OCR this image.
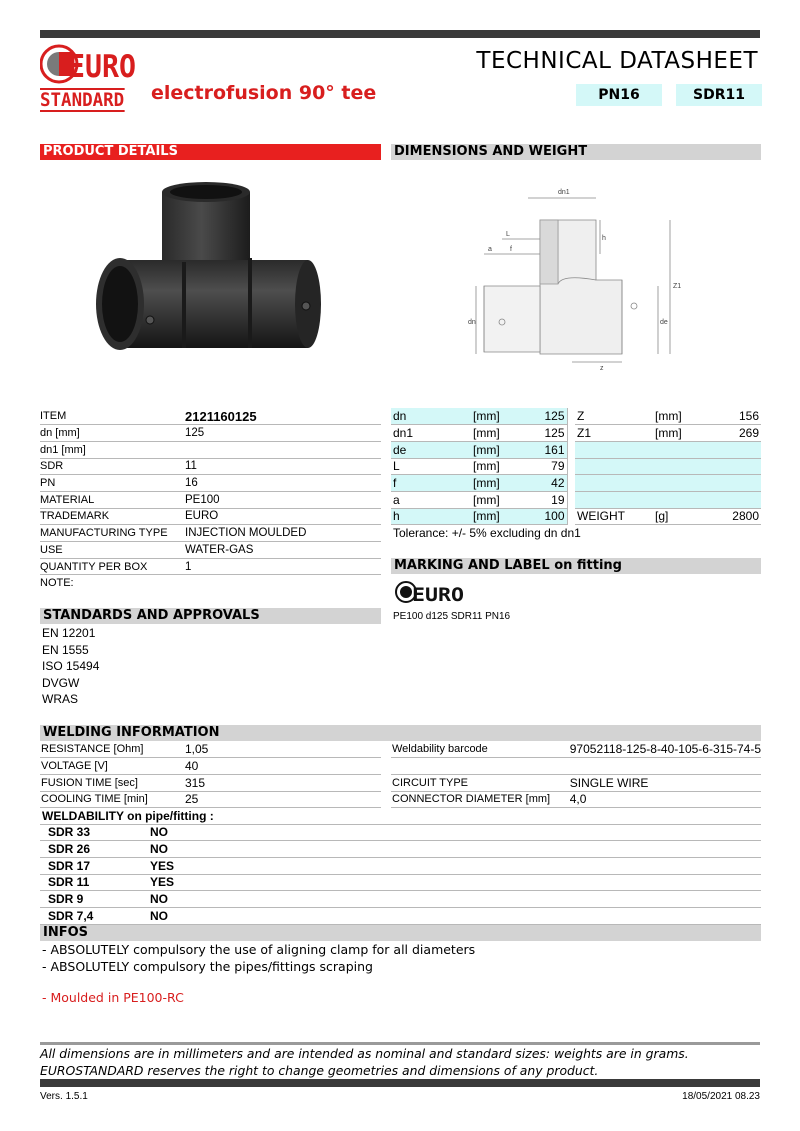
EURO
STANDARD electrofusion 90° tee
TECHNICAL DATASHEET
PN16	SDR11
PRODUCT DETAILS	DIMENSIONS AND WEIGHT
dn1
L
a	f
h
Z1
dn	de
z
ITEM	2121160125
dn [mm]	125
dn1 [mm]	
SDR	11
PN	16
MATERIAL	PE100
TRADEMARK	EURO
MANUFACTURING TYPE	INJECTION MOULDED
USE	WATER-GAS
QUANTITY PER BOX	1
NOTE:	
dn	[mm]	125		Z	[mm]	156
dn1	[mm]	125		Z1	[mm]	269
de	[mm]	161				
L	[mm]	79				
f	[mm]	42				
a	[mm]	19				
h	[mm]	100		WEIGHT	[g]	2800
Tolerance: +/- 5% excluding dn dn1
MARKING AND LABEL on fitting
EURO
PE100 d125 SDR11 PN16
STANDARDS AND APPROVALS
EN 12201
EN 1555
ISO 15494
DVGW
WRAS
WELDING INFORMATION
RESISTANCE [Ohm]	1,05
VOLTAGE [V]	40
FUSION TIME [sec]	315
COOLING TIME [min]	25
Weldability barcode	97052118-125-8-40-105-6-315-74-5

CIRCUIT TYPE	SINGLE WIRE
CONNECTOR DIAMETER [mm]	4,0
WELDABILITY on pipe/fitting :
SDR 33	NO
SDR 26	NO
SDR 17	YES
SDR 11	YES
SDR 9	NO
SDR 7,4	NO
INFOS
- ABSOLUTELY compulsory the use of aligning clamp for all diameters
- ABSOLUTELY compulsory the pipes/fittings scraping
- Moulded in PE100-RC
All dimensions are in millimeters and are intended as nominal and standard sizes: weights are in grams.
EUROSTANDARD reserves the right to change geometries and dimensions of any product.
Vers. 1.5.1	18/05/2021 08.23
